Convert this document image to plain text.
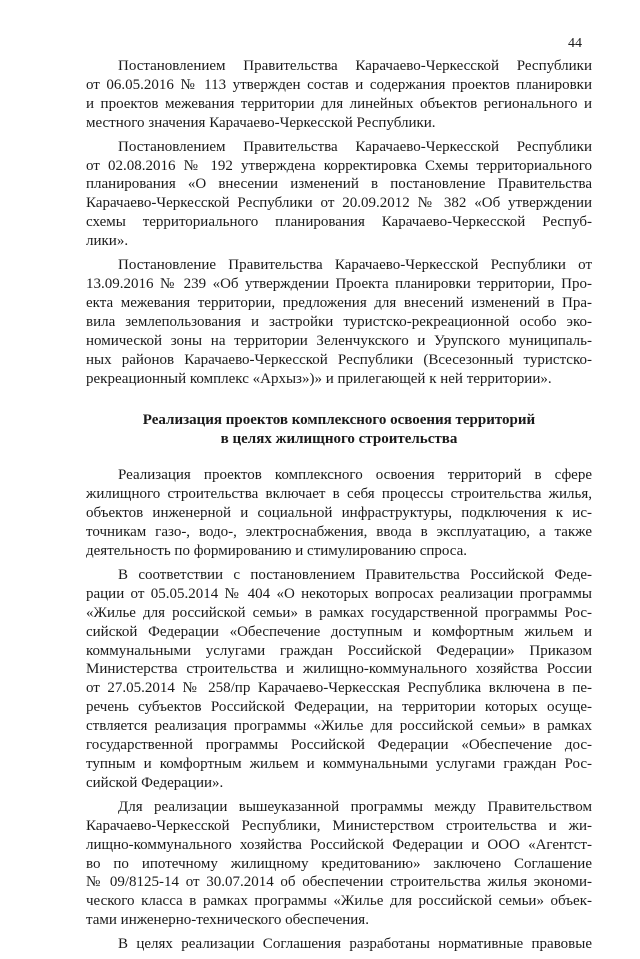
44

Постановлением Правительства Карачаево-Черкесской Республики
от 06.05.2016 № 113 утвержден состав и содержания проектов планировки
и проектов межевания территории для линейных объектов регионального и
местного значения Карачаево-Черкесской Республики.

Постановлением Правительства Карачаево-Черкесской Республики
от 02.08.2016 № 192 утверждена корректировка Схемы территориального
планирования «О внесении изменений в постановление Правительства
Карачаево-Черкесской Республики от 20.09.2012 № 382 «Об утверждении
схемы территориального планирования Карачаево-Черкесской Респуб-
лики».

Постановление Правительства Карачаево-Черкесской Республики от
13.09.2016 № 239 «Об утверждении Проекта планировки территории, Про-
екта межевания территории, предложения для внесений изменений в Пра-
вила землепользования и застройки туристско-рекреационной особо эко-
номической зоны на территории Зеленчукского и Урупского муниципаль-
ных районов Карачаево-Черкесской Республики (Всесезонный туристско-
рекреационный комплекс «Архыз»)» и прилегающей к ней территории».

Реализация проектов комплексного освоения территорий
в целях жилищного строительства

Реализация проектов комплексного освоения территорий в сфере
жилищного строительства включает в себя процессы строительства жилья,
объектов инженерной и социальной инфраструктуры, подключения к ис-
точникам газо-, водо-, электроснабжения, ввода в эксплуатацию, а также
деятельность по формированию и стимулированию спроса.

В соответствии с постановлением Правительства Российской Феде-
рации от 05.05.2014 № 404 «О некоторых вопросах реализации программы
«Жилье для российской семьи» в рамках государственной программы Рос-
сийской Федерации «Обеспечение доступным и комфортным жильем и
коммунальными услугами граждан Российской Федерации» Приказом
Министерства строительства и жилищно-коммунального хозяйства России
от 27.05.2014 № 258/пр Карачаево-Черкесская Республика включена в пе-
речень субъектов Российской Федерации, на территории которых осуще-
ствляется реализация программы «Жилье для российской семьи» в рамках
государственной программы Российской Федерации «Обеспечение дос-
тупным и комфортным жильем и коммунальными услугами граждан Рос-
сийской Федерации».

Для реализации вышеуказанной программы между Правительством
Карачаево-Черкесской Республики, Министерством строительства и жи-
лищно-коммунального хозяйства Российской Федерации и ООО «Агентст-
во по ипотечному жилищному кредитованию» заключено Соглашение
№ 09/8125-14 от 30.07.2014 об обеспечении строительства жилья экономи-
ческого класса в рамках программы «Жилье для российской семьи» объек-
тами инженерно-технического обеспечения.

В целях реализации Соглашения разработаны нормативные правовые
